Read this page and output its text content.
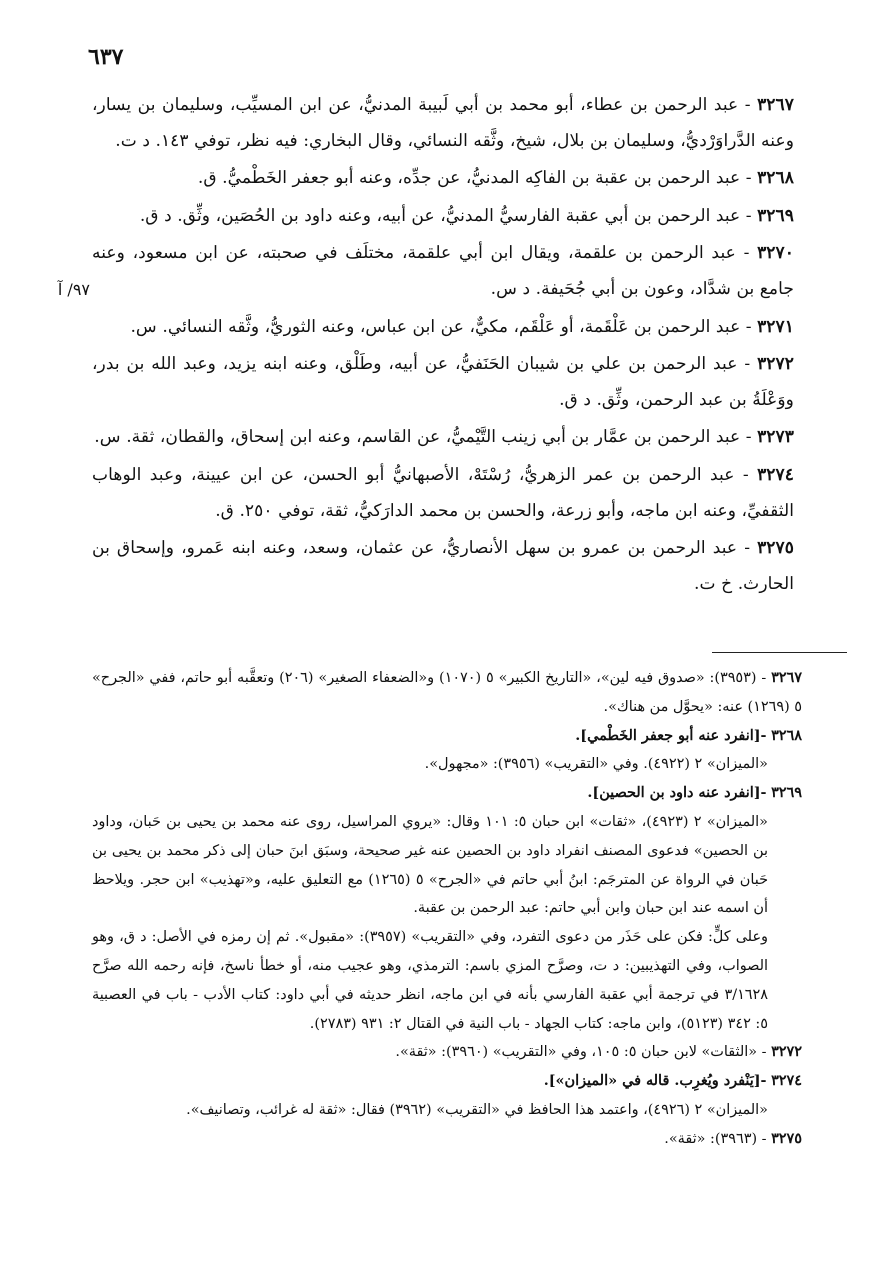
٦٣٧
٩٧/ آ

٣٢٦٧ - عبد الرحمن بن عطاء، أبو محمد بن أبي لَبيبة المدنيُّ، عن ابن المسيِّب، وسليمان بن يسار، وعنه الدَّراوَرْديُّ، وسليمان بن بلال، شيخ، وثَّقه النسائي، وقال البخاري: فيه نظر، توفي ١٤٣. د ت.

٣٢٦٨ - عبد الرحمن بن عقبة بن الفاكِه المدنيُّ، عن جدِّه، وعنه أبو جعفر الخَطْميُّ. ق.

٣٢٦٩ - عبد الرحمن بن أبي عقبة الفارسيُّ المدنيُّ، عن أبيه، وعنه داود بن الحُصَين، وثِّق. د ق.

٣٢٧٠ - عبد الرحمن بن علقمة، ويقال ابن أبي علقمة، مختلَف في صحبته، عن ابن مسعود، وعنه جامع بن شدَّاد، وعون بن أبي جُحَيفة. د س.

٣٢٧١ - عبد الرحمن بن عَلْقَمة، أو عَلْقَم، مكيٌّ، عن ابن عباس، وعنه الثوريُّ، وثَّقه النسائي. س.

٣٢٧٢ - عبد الرحمن بن علي بن شيبان الحَنَفيُّ، عن أبيه، وطَلْق، وعنه ابنه يزيد، وعبد الله بن بدر، ووَعْلَةُ بن عبد الرحمن، وثِّق. د ق.

٣٢٧٣ - عبد الرحمن بن عمَّار بن أبي زينب التَّيْميُّ، عن القاسم، وعنه ابن إسحاق، والقطان، ثقة. س.

٣٢٧٤ - عبد الرحمن بن عمر الزهريُّ، رُسْتَهْ، الأصبهانيُّ أبو الحسن، عن ابن عيينة، وعبد الوهاب الثقفيِّ، وعنه ابن ماجه، وأبو زرعة، والحسن بن محمد الدارَكيُّ، ثقة، توفي ٢٥٠. ق.

٣٢٧٥ - عبد الرحمن بن عمرو بن سهل الأنصاريُّ، عن عثمان، وسعد، وعنه ابنه عَمرو، وإسحاق بن الحارث. خ ت.

٣٢٦٧ - (٣٩٥٣): «صدوق فيه لين»، «التاريخ الكبير» ٥ (١٠٧٠) و«الضعفاء الصغير» (٢٠٦) وتعقَّبه أبو حاتم، ففي «الجرح» ٥ (١٢٦٩) عنه: «يحوَّل من هناك».

٣٢٦٨ -[انفرد عنه أبو جعفر الخَطْمي].
«الميزان» ٢ (٤٩٢٢). وفي «التقريب» (٣٩٥٦): «مجهول».

٣٢٦٩ -[انفرد عنه داود بن الحصين].
«الميزان» ٢ (٤٩٢٣)، «ثقات» ابن حبان ٥: ١٠١ وقال: «يروي المراسيل، روى عنه محمد بن يحيى بن حَبان، وداود بن الحصين» فدعوى المصنف انفراد داود بن الحصين عنه غير صحيحة، وسبَق ابنَ حبان إلى ذكر محمد بن يحيى بن حَبان في الرواة عن المترجَم: ابنُ أبي حاتم في «الجرح» ٥ (١٢٦٥) مع التعليق عليه، و«تهذيب» ابن حجر. ويلاحظ أن اسمه عند ابن حبان وابن أبي حاتم: عبد الرحمن بن عقبة.
وعلى كلٍّ: فكن على حَذَر من دعوى التفرد، وفي «التقريب» (٣٩٥٧): «مقبول». ثم إن رمزه في الأصل: د ق، وهو الصواب، وفي التهذيبين: د ت، وصرَّح المزي باسم: الترمذي، وهو عجيب منه، أو خطأ ناسخ، فإنه رحمه الله صرَّح ٣/١٦٢٨ في ترجمة أبي عقبة الفارسي بأنه في ابن ماجه، انظر حديثه في أبي داود: كتاب الأدب - باب في العصبية ٥: ٣٤٢ (٥١٢٣)، وابن ماجه: كتاب الجهاد - باب النية في القتال ٢: ٩٣١ (٢٧٨٣).

٣٢٧٢ - «الثقات» لابن حبان ٥: ١٠٥، وفي «التقريب» (٣٩٦٠): «ثقة».

٣٢٧٤ -[يَنْفرد ويُغرِب. قاله في «الميزان»].
«الميزان» ٢ (٤٩٢٦)، واعتمد هذا الحافظ في «التقريب» (٣٩٦٢) فقال: «ثقة له غرائب، وتصانيف».

٣٢٧٥ - (٣٩٦٣): «ثقة».
